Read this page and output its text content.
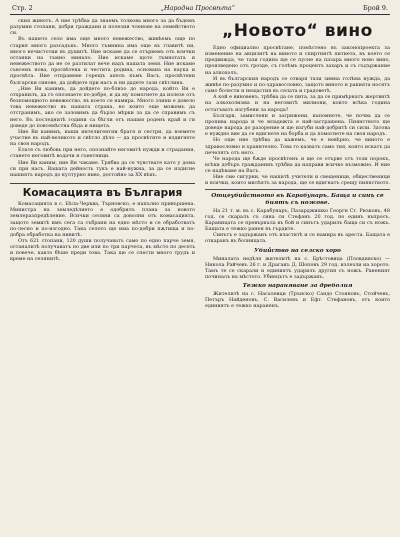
Стр. 2	„Народна Просвѣта“	Брой 9.

ския животъ. А ние трѣбва да знаемъ толкова много за да бъдемъ разумни стопани, добри граждани и полезни членове на семейството си.

Въ нашето село има още много невежество, живѣемъ още по стария много разсадъкъ. Много тъмнина има още въ главитѣ ни, много нечистотии въ душитѣ. Ние искаме да се отървемъ отъ всички останки на тъмно минало. Ние искаме щото тъмнотата и невежеството да не се разтилат вече надъ нашата земя. Ние искаме съвсемъ нова, просвѣтена и честита родина, основана на наука и просвѣта. Ние отправяме горещъ апелъ къмъ Васъ, просвѣтени български синове, да дойдете при насъ и ни дадете тази свѣтлина.

„Ние Ви канимъ, да дойдете по-близо до народа, който Ви е отхранилъ, да го опознаете по-добре, и да му помогнете да излезе отъ безпомощното невежество, въ което се намира. Много злини е довело това невежество въ нашата страна, но които още можемъ да отстранимъ, ако се заловимъ да бързо мѣрки за да се справимъ съ него. Въ последнитѣ години са бѣгли отъ нашия роденъ край и ги доведе до повсемѣстна бѣда и нищета.

Ние Ви канимъ, наши интелигентни братя и сестри, да вземете участие въ най-великото и свѣтло дѣло — да просвѣтите и издигнете на своя народъ.

Елате съ любовь при него, опознайте неговитѣ нужди и страдания, станете неговитѣ водачи и съветници.

Ние Ви каним, ние Ви чакаме. Трябва да се чувствате като у дома си при насъ. Вашата дейность тукъ е най-нужна, за да се издигне нашиятъ народъ до културно ниво, достойно за XX вѣкъ.

Комасацията въ България

Комасацията в с. Бѣла-Черква, Търновско, е напълно привършена. Министра на земледѣлието е одобрилъ плана за новото землеразпредѣление. Всички селяни са доволни отъ комасацията, защото земитѣ имъ сега са събрани на едно мѣсто и се обработватъ по-лесно и по-изгодно. Така селото ще има по-добри пѫтища и по-добра обработка на нивитѣ.

Отъ 621 стопани, 120 души получаватъ само по едно парче земя, останалитѣ получаватъ по две или по три парчета, въ мѣсто по десеть и повече, както бѣше преди това. Така ще се спести много трудъ и време на селянитѣ.

„Новото“ вино

Едно официално просвѣтане, помѣстено въ законопроекта за изменение на акцизитѣ на виното и спиртнитѣ питиета, въ което се предвижда, че тази година ще се пусне на пазара много ново вино, произведено отъ грозде, съ голѣмъ процентъ захаръ и съ съдържание на алкохолъ.

И въ българския народъ се отваря тази зимна голѣма нужда, да живѣе по-разумно и по-здравословно, защото виното и ракията носятъ само болести и нещастия въ селата и градоветѣ.

А кой е виновенъ, трѣбва да се пита, за да се примѣрнатъ жертвитѣ на алкохолизма и на неговитѣ милиони, които всѣка година остатъватъ изгубени за народа?

Българи, замислени и загрижени, напомнете, че почва да се пропива народа и че младежта е най-застрашена. Пиянството ще доведе народа до разорение и ще изгуби най-добритѣ си сили. Затова е нуждно вие да се вдигнете на борба и да помогнете на своя народъ.

Но още ние трѣбва да кажемъ, че е невѣрно, че виното е здравословно и хранително. Това го казватъ само тия, които искатъ да печелятъ отъ него.

Че народа ще бѫде просвѣтенъ и ще се отърве отъ този порокъ, всѣки добъръ гражданинъ трѣбва да направи всичко възможно. И ние се надѣваме на Васъ.

Ние сме сигурни, че нашитѣ учители и свещеници, общественици и всички, които милѣятъ за народа, ще се вдигнатъ срещу пиянството.

Отцеубийството въ Карабунаръ. Баща и синъ се биятъ съ ножове.

На 21 т. м. въ с. Карабунаръ, Пазарджишко Георги Ст. Ризковъ, 48 год. се скаралъ съ сина си Стефанъ 20 год. по единъ въпросъ. Караницата се превърнала въ бой и синътъ ударилъ баща си съ ножъ. Бащата е тежко ранен въ гърдите.

Синътъ е задържанъ отъ властитѣ и се намира въ ареста. Бащата е откаранъ въ болницата.

Убийство на селско хоро

Миналата недѣля жителитѣ на с. Брѣстовица (Пловдивско) — Никола Райчевъ 26 г. и Драганъ Д. Шоповъ 29 год. излезли на хорото. Тамъ те се скарали и единиятъ ударилъ другия съ ножъ. Раненият починалъ на мѣстото. Убиецътъ е задържанъ.

Тежко нараняване за дреболия

Жителитѣ на с. Насалевци (Трънско) Сандо Стояновъ, Стойчевъ, Петъръ Найденовъ, С. Василевъ и Ефт. Стефановъ, отъ които единиятъ е тежко нараненъ.
